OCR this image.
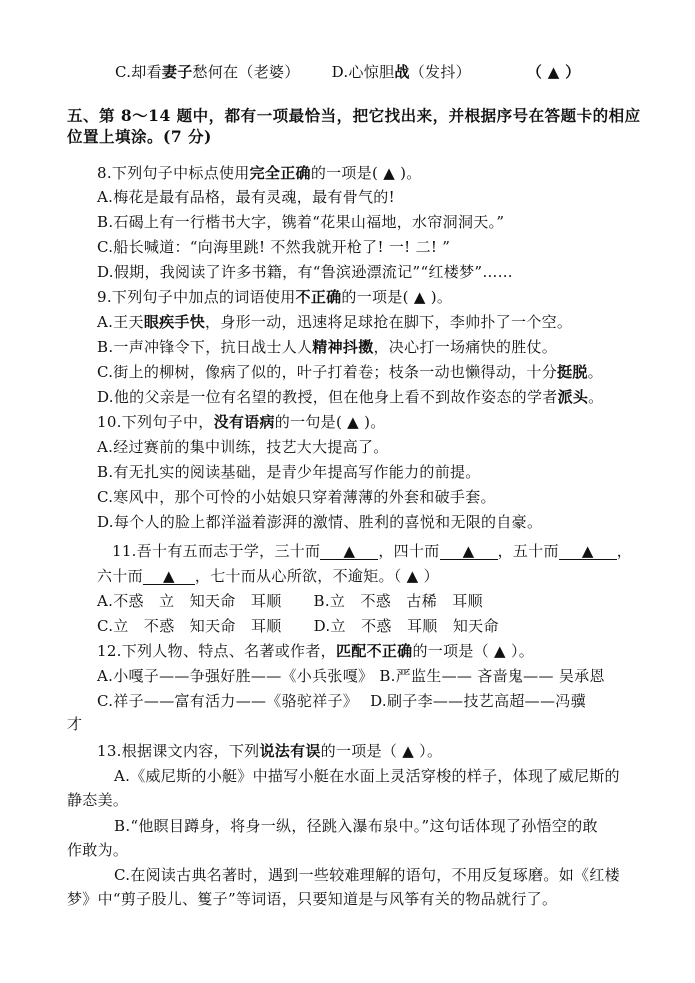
C.却看妻子愁何在（老婆） D.心惊胆战（发抖）	（ ▲ ）
五、第 8～14 题中，都有一项最恰当，把它找出来，并根据序号在答题卡的相应
位置上填涂。(7 分)
8.下列句子中标点使用完全正确的一项是( ▲ )。
A.梅花是最有品格，最有灵魂，最有骨气的!
B.石碣上有一行楷书大字，镌着“花果山福地，水帘洞洞天。”
C.船长喊道：“向海里跳! 不然我就开枪了! 一! 二! ”
D.假期，我阅读了许多书籍，有“鲁滨逊漂流记”“红楼梦”……
9.下列句子中加点的词语使用不正确的一项是( ▲ )。
A.王天眼疾手快，身形一动，迅速将足球抢在脚下，李帅扑了一个空。
B.一声冲锋令下，抗日战士人人精神抖擞，决心打一场痛快的胜仗。
C.街上的柳树，像病了似的，叶子打着卷；枝条一动也懒得动，十分挺脱。
D.他的父亲是一位有名望的教授，但在他身上看不到故作姿态的学者派头。
10.下列句子中，没有语病的一句是( ▲ )。
A.经过赛前的集中训练，技艺大大提高了。
B.有无扎实的阅读基础，是青少年提高写作能力的前提。
C.寒风中，那个可怜的小姑娘只穿着薄薄的外套和破手套。
D.每个人的脸上都洋溢着澎湃的激情、胜利的喜悦和无限的自豪。
11.吾十有五而志于学，三十而 ▲ ，四十而 ▲ ，五十而 ▲ ，
六十而 ▲ ，七十而从心所欲，不逾矩。（ ▲ ）
A.不惑　立　知天命　耳顺 B.立　不惑　古稀　耳顺
C.立　不惑　知天命　耳顺 D.立　不惑　耳顺　知天命
12.下列人物、特点、名著或作者，匹配不正确的一项是（ ▲ ）。
A.小嘎子——争强好胜——《小兵张嘎》 B.严监生—— 吝啬鬼—— 吴承恩
C.祥子——富有活力——《骆驼祥子》 D.刷子李——技艺高超——冯骥
才
13.根据课文内容，下列说法有误的一项是（ ▲ ）。
A.《威尼斯的小艇》中描写小艇在水面上灵活穿梭的样子，体现了威尼斯的
静态美。
B.“他瞑目蹲身，将身一纵，径跳入瀑布泉中。”这句话体现了孙悟空的敢
作敢为。
C.在阅读古典名著时，遇到一些较难理解的语句，不用反复琢磨。如《红楼
梦》中“剪子股儿、篗子”等词语，只要知道是与风筝有关的物品就行了。
